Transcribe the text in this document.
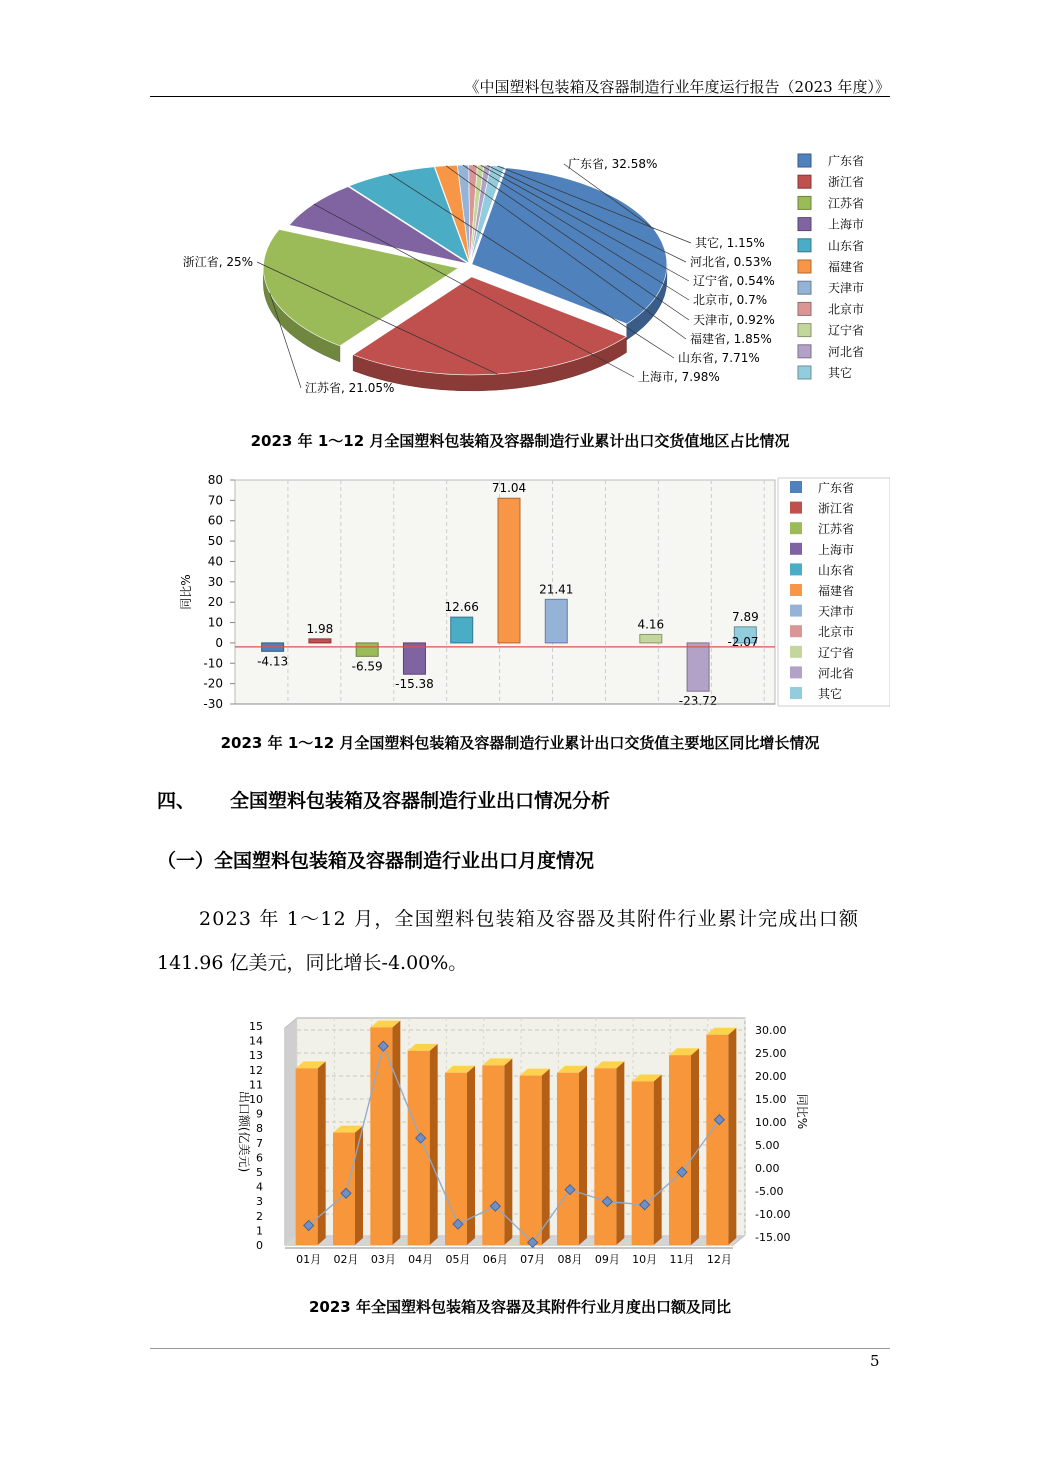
《中国塑料包装箱及容器制造行业年度运行报告（2023 年度）》
其它, 1.15%
广东省, 32.58%
浙江省, 25%
江苏省, 21.05%
上海市, 7.98%
山东省, 7.71%
福建省, 1.85%
天津市, 0.92%
北京市, 0.7%
辽宁省, 0.54%
河北省, 0.53%
广东省
浙江省
江苏省
上海市
山东省
福建省
天津市
北京市
辽宁省
河北省
其它
2023 年 1～12 月全国塑料包装箱及容器制造行业累计出口交货值地区占比情况
80
70
60
50
40
30
20
10
0
-10
-20
-30
同比%
-4.13
1.98
-6.59
-15.38
12.66
71.04
21.41
4.16
-23.72
7.89
-2.07
广东省
浙江省
江苏省
上海市
山东省
福建省
天津市
北京市
辽宁省
河北省
其它
2023 年 1～12 月全国塑料包装箱及容器制造行业累计出口交货值主要地区同比增长情况
四、 全国塑料包装箱及容器制造行业出口情况分析
（一）全国塑料包装箱及容器制造行业出口月度情况
2023 年 1～12 月，全国塑料包装箱及容器及其附件行业累计完成出口额
141.96 亿美元，同比增长-4.00%。
15
14
13
12
11
10
9
8
7
6
5
4
3
2
1
0
30.00
25.00
20.00
15.00
10.00
5.00
0.00
-5.00
-10.00
-15.00
出口额(亿美元)	同比%
01月 02月 03月 04月 05月 06月 07月 08月 09月 10月 11月 12月
2023 年全国塑料包装箱及容器及其附件行业月度出口额及同比
5
